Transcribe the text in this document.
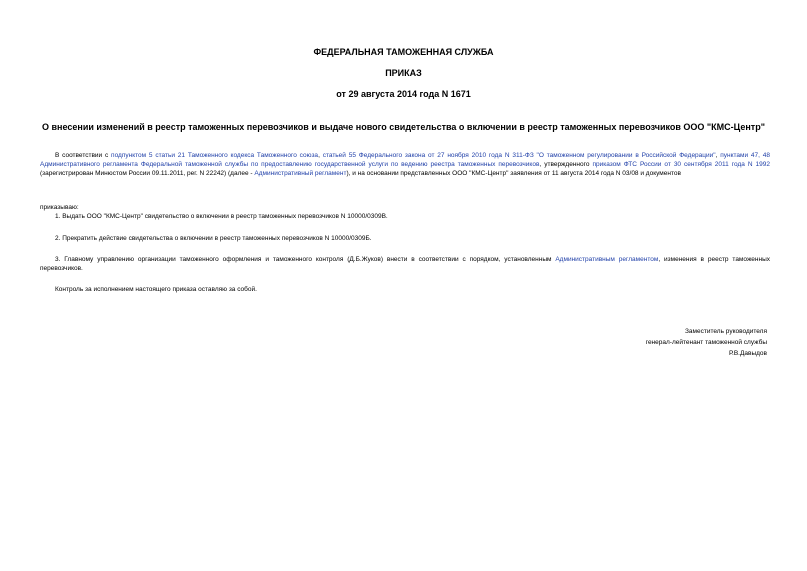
ФЕДЕРАЛЬНАЯ ТАМОЖЕННАЯ СЛУЖБА
ПРИКАЗ
от 29 августа 2014 года N 1671
О внесении изменений в реестр таможенных перевозчиков и выдаче нового свидетельства о включении в реестр таможенных перевозчиков ООО "КМС-Центр"
В соответствии с подпунктом 5 статьи 21 Таможенного кодекса Таможенного союза, статьей 55 Федерального закона от 27 ноября 2010 года N 311-ФЗ "О таможенном регулировании в Российской Федерации", пунктами 47, 48 Административного регламента Федеральной таможенной службы по предоставлению государственной услуги по ведению реестра таможенных перевозчиков, утвержденного приказом ФТС России от 30 сентября 2011 года N 1992 (зарегистрирован Минюстом России 09.11.2011, рег. N 22242) (далее - Административный регламент), и на основании представленных ООО "КМС-Центр" заявления от 11 августа 2014 года N 03/08 и документов
приказываю:
1. Выдать ООО "КМС-Центр" свидетельство о включении в реестр таможенных перевозчиков N 10000/0309В.
2. Прекратить действие свидетельства о включении в реестр таможенных перевозчиков N 10000/0309Б.
3. Главному управлению организации таможенного оформления и таможенного контроля (Д.Б.Жуков) внести в соответствии с порядком, установленным Административным регламентом, изменения в реестр таможенных перевозчиков.
Контроль за исполнением настоящего приказа оставляю за собой.
Заместитель руководителя
генерал-лейтенант таможенной службы
Р.В.Давыдов
